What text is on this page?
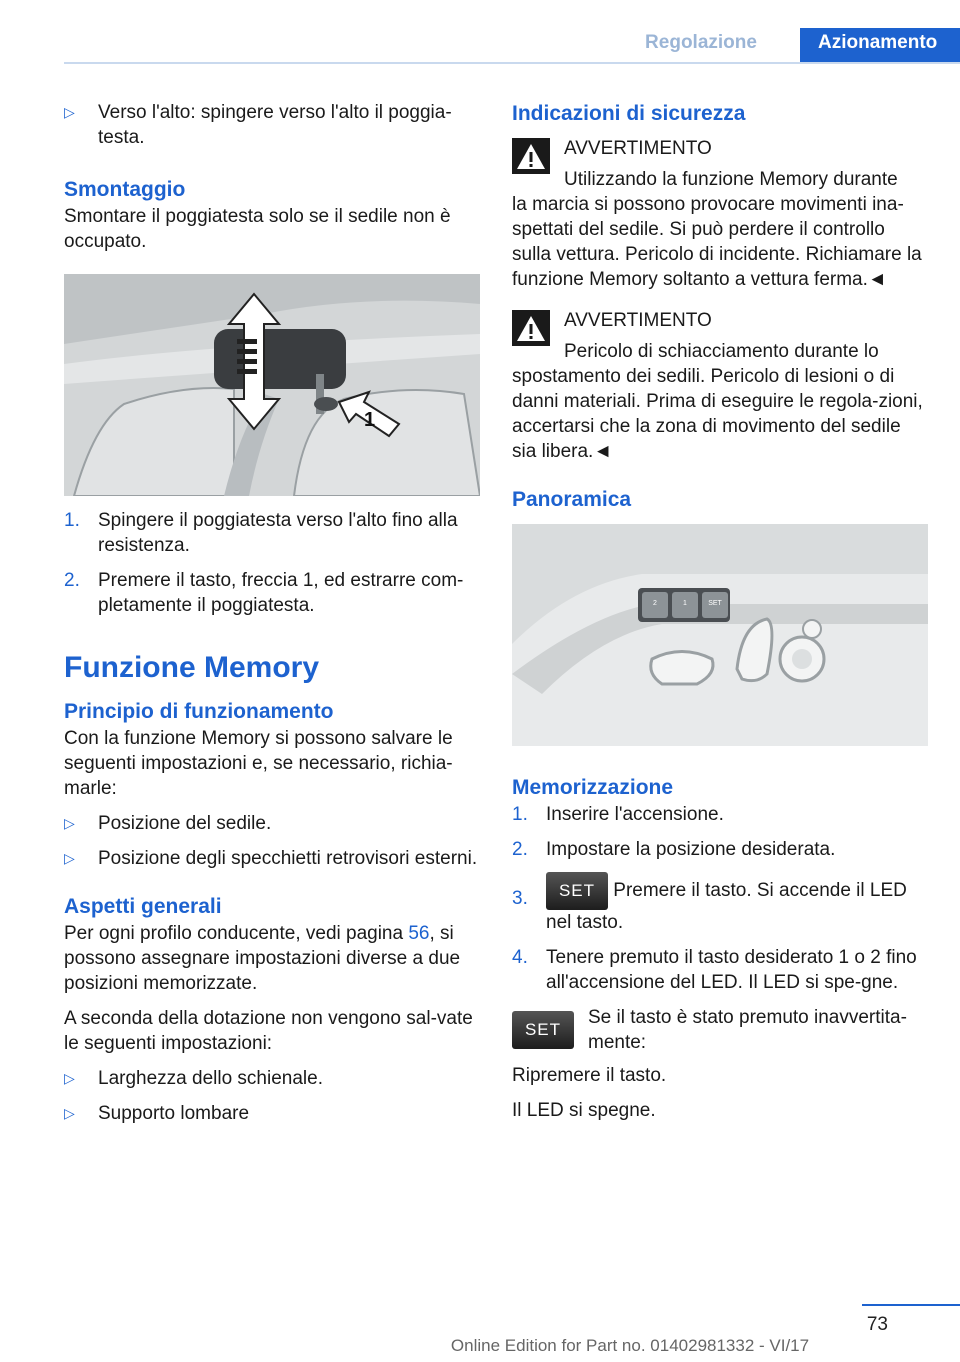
Regolazione	Azionamento
▷ Verso l'alto: spingere verso l'alto il poggia-testa.
Smontaggio

Smontare il poggiatesta solo se il sedile non è occupato.

1
1. Spingere il poggiatesta verso l'alto fino alla resistenza.
2. Premere il tasto, freccia 1, ed estrarre com-pletamente il poggiatesta.
Funzione Memory
Principio di funzionamento

Con la funzione Memory si possono salvare le seguenti impostazioni e, se necessario, richia-marle:

▷ Posizione del sedile.
▷ Posizione degli specchietti retrovisori esterni.
Aspetti generali

Per ogni profilo conducente, vedi pagina 56, si possono assegnare impostazioni diverse a due posizioni memorizzate.

A seconda della dotazione non vengono sal-vate le seguenti impostazioni:

▷ Larghezza dello schienale.
▷ Supporto lombare
Indicazioni di sicurezza
AVVERTIMENTO
Utilizzando la funzione Memory durante
la marcia si possono provocare movimenti ina-spettati del sedile. Si può perdere il controllo sulla vettura. Pericolo di incidente. Richiamare la funzione Memory soltanto a vettura ferma.◄
AVVERTIMENTO
Pericolo di schiacciamento durante lo
spostamento dei sedili. Pericolo di lesioni o di danni materiali. Prima di eseguire le regola-zioni, accertarsi che la zona di movimento del sedile sia libera.◄
Panoramica
2	1	SET
Memorizzazione
1. Inserire l'accensione.
2. Impostare la posizione desiderata.
3. SET Premere il tasto. Si accende il LED nel tasto.
4. Tenere premuto il tasto desiderato 1 o 2 fino all'accensione del LED. Il LED si spe-gne.
SET
Se il tasto è stato premuto inavvertita-mente:

Ripremere il tasto.

Il LED si spegne.

73
Online Edition for Part no. 01402981332 - VI/17
